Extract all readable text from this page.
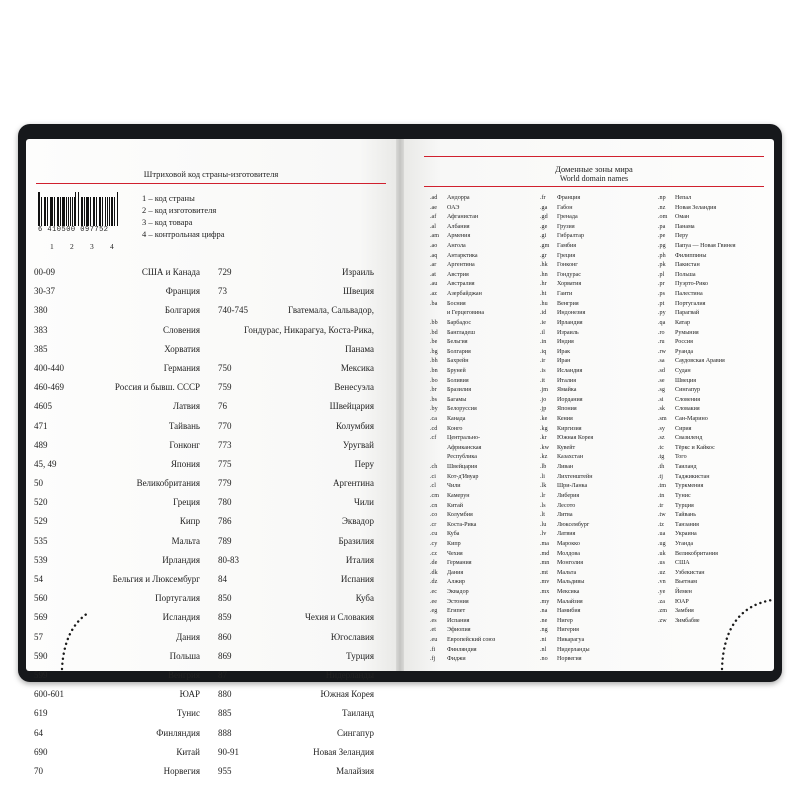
Штриховой код страны-изготовителя
6 410500 097752
1 2 3 4
1 – код страны
2 – код изготовителя
3 – код товара
4 – контрольная цифра
00-09	США и Канада 729	Израиль
30-37	Франция 73	Швеция
380	Болгария 740-745	Гватемала, Сальвадор,
383	Словения	Гондурас, Никарагуа, Коста-Рика,
385	Хорватия	Панама
400-440	Германия 750	Мексика
460-469	Россия и бывш. СССР 759	Венесуэла
4605	Латвия 76	Швейцария
471	Тайвань 770	Колумбия
489	Гонконг 773	Уругвай
45, 49	Япония 775	Перу
50	Великобритания 779	Аргентина
520	Греция 780	Чили
529	Кипр 786	Эквадор
535	Мальта 789	Бразилия
539	Ирландия 80-83	Италия
54	Бельгия и Люксембург 84	Испания
560	Португалия 850	Куба
569	Исландия 859	Чехия и Словакия
57	Дания 860	Югославия
590	Польша 869	Турция
599	Венгрия 87	Нидерланды
600-601	ЮАР 880	Южная Корея
619	Тунис 885	Таиланд
64	Финляндия 888	Сингапур
690	Китай 90-91	Новая Зеландия
70	Норвегия 955	Малайзия
Доменные зоны мира
World domain names
.ad	Андорра
.ae	ОАЭ
.af	Афганистан
.al	Албания
.am	Армения
.ao	Ангола
.aq	Антарктика
.ar	Аргентина
.at	Австрия
.au	Австралия
.az	Азербайджан
.ba	Босния
и Герцеговина
.bb	Барбадос
.bd	Бангладеш
.be	Бельгия
.bg	Болгария
.bh	Бахрейн
.bn	Бруней
.bo	Боливия
.br	Бразилия
.bs	Багамы
.by	Белоруссия
.ca	Канада
.cd	Конго
.cf	Центрально-
Африканская
Республика
.ch	Швейцария
.ci	Кот-д'Ивуар
.cl	Чили
.cm	Камерун
.cn	Китай
.co	Колумбия
.cr	Коста-Рика
.cu	Куба
.cy	Кипр
.cz	Чехия
.de	Германия
.dk	Дания
.dz	Алжир
.ec	Эквадор
.ee	Эстония
.eg	Египет
.es	Испания
.et	Эфиопия
.eu	Европейский союз
.fi	Финляндия
.fj	Фиджи
.fr	Франция
.ga	Габон
.gd	Гренада
.ge	Грузия
.gi	Гибралтар
.gm	Гамбия
.gr	Греция
.hk	Гонконг
.hn	Гондурас
.hr	Хорватия
.ht	Гаити
.hu	Венгрия
.id	Индонезия
.ie	Ирландия
.il	Израиль
.in	Индия
.iq	Ирак
.ir	Иран
.is	Исландия
.it	Италия
.jm	Ямайка
.jo	Иордания
.jp	Япония
.ke	Кения
.kg	Киргизия
.kr	Южная Корея
.kw	Кувейт
.kz	Казахстан
.lb	Ливан
.li	Лихтенштейн
.lk	Шри-Ланка
.lr	Либерия
.ls	Лесото
.lt	Литва
.lu	Люксембург
.lv	Латвия
.ma	Марокко
.md	Молдова
.mn	Монголия
.mt	Мальта
.mv	Мальдивы
.mx	Мексика
.my	Малайзия
.na	Намибия
.ne	Нигер
.ng	Нигерия
.ni	Никарагуа
.nl	Нидерланды
.no	Норвегия
.np	Непал
.nz	Новая Зеландия
.om	Оман
.pa	Панама
.pe	Перу
.pg	Папуа — Новая Гвинея
.ph	Филиппины
.pk	Пакистан
.pl	Польша
.pr	Пуэрто-Рико
.ps	Палестина
.pt	Португалия
.py	Парагвай
.qa	Катар
.ro	Румыния
.ru	Россия
.rw	Руанда
.sa	Саудовская Аравия
.sd	Судан
.se	Швеция
.sg	Сингапур
.si	Словения
.sk	Словакия
.sm	Сан-Марино
.sy	Сирия
.sz	Свазиленд
.tc	Тёркс и Кайкос
.tg	Того
.th	Таиланд
.tj	Таджикистан
.tm	Туркмения
.tn	Тунис
.tr	Турция
.tw	Тайвань
.tz	Танзания
.ua	Украина
.ug	Уганда
.uk	Великобритания
.us	США
.uz	Узбекистан
.vn	Вьетнам
.ye	Йемен
.za	ЮАР
.zm	Замбия
.zw	Зимбабве
